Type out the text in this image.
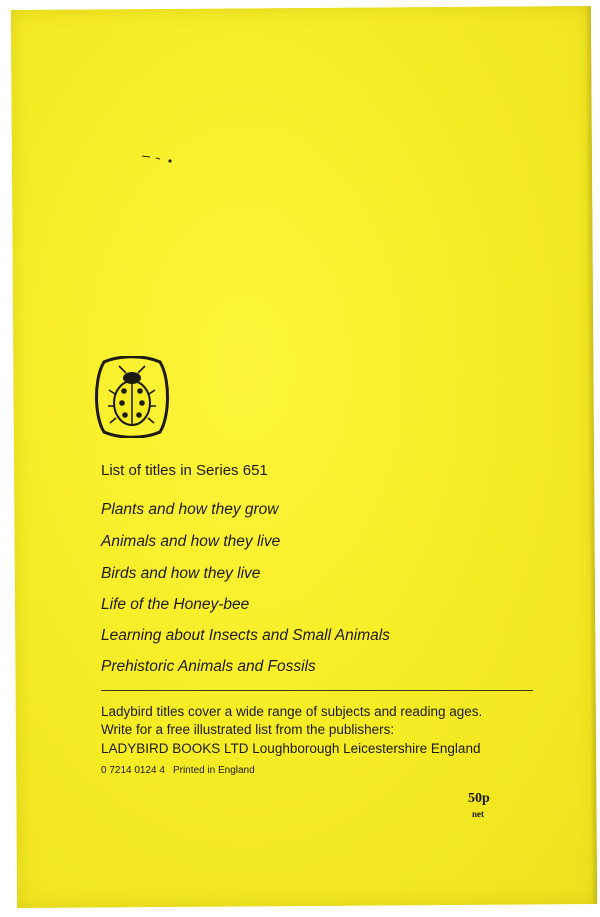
List of titles in Series 651
Plants and how they grow
Animals and how they live
Birds and how they live
Life of the Honey-bee
Learning about Insects and Small Animals
Prehistoric Animals and Fossils
Ladybird titles cover a wide range of subjects and reading ages.
Write for a free illustrated list from the publishers:
LADYBIRD BOOKS LTD Loughborough Leicestershire England
0 7214 0124 4 Printed in England
50p
net
